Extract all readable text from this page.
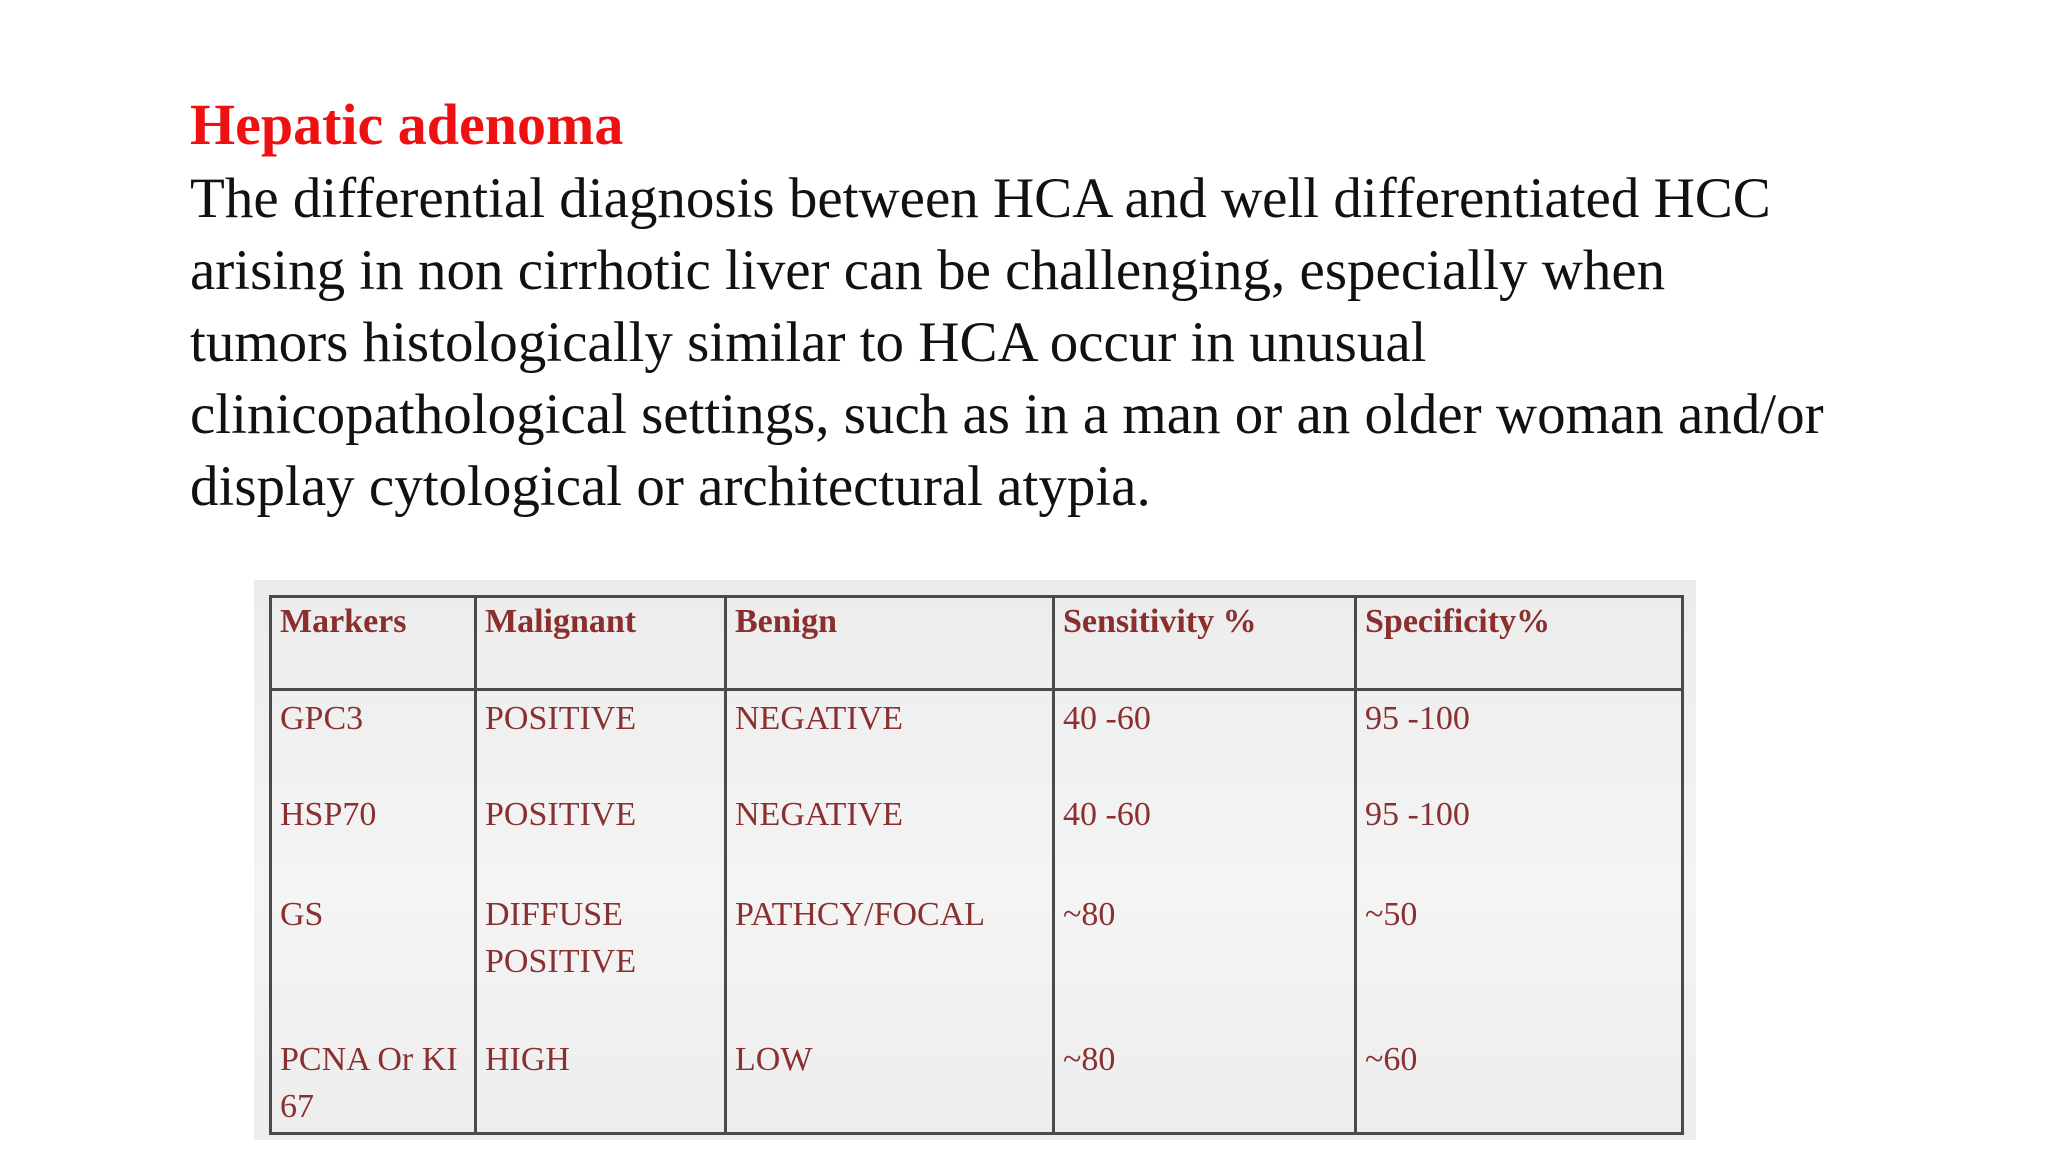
Hepatic adenoma
The differential diagnosis between HCA and well differentiated HCC
arising in non cirrhotic liver can be challenging, especially when
tumors histologically similar to HCA occur in unusual
clinicopathological settings, such as in a man or an older woman and/or
display cytological or architectural atypia.
Markers	Malignant	Benign	Sensitivity %	Specificity%
GPC3	POSITIVE	NEGATIVE	40 -60	95 -100
HSP70	POSITIVE	NEGATIVE	40 -60	95 -100
GS	DIFFUSE POSITIVE	PATHCY/FOCAL	~80	~50
PCNA Or KI 67	HIGH	LOW	~80	~60
